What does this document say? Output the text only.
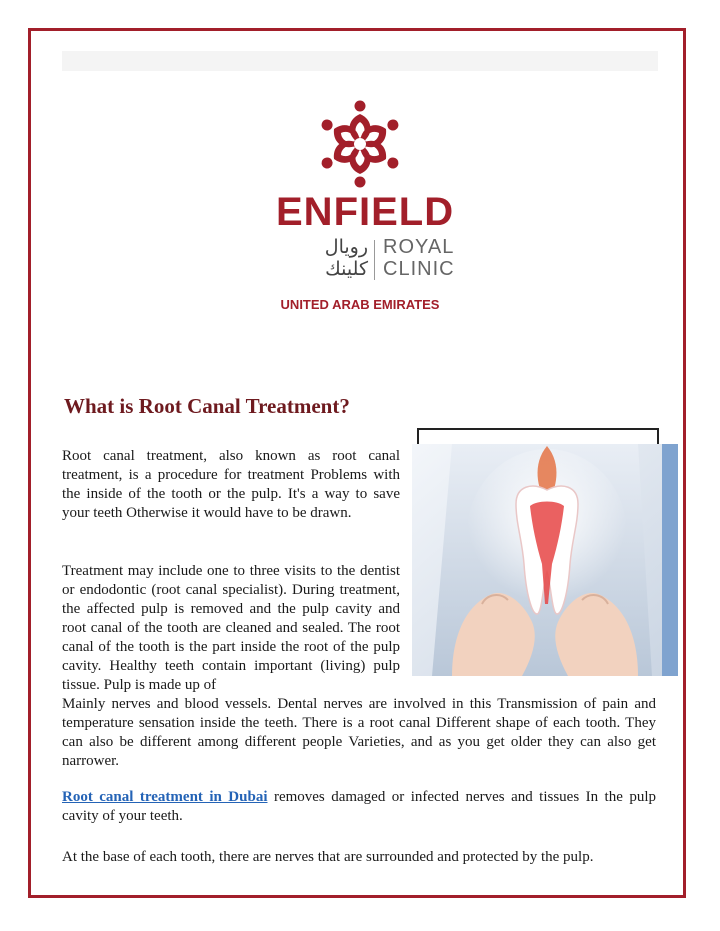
ENFIELD
رويال
كلينك
ROYAL
CLINIC
UNITED ARAB EMIRATES
What is Root Canal Treatment?
Root canal treatment, also known as root canal treatment, is a procedure for treatment Problems with the inside of the tooth or the pulp. It's a way to save your teeth Otherwise it would have to be drawn.
Treatment may include one to three visits to the dentist or endodontic (root canal specialist). During treatment, the affected pulp is removed and the pulp cavity and root canal of the tooth are cleaned and sealed. The root canal of the tooth is the part inside the root of the pulp cavity. Healthy teeth contain important (living) pulp tissue. Pulp is made up of
Mainly nerves and blood vessels. Dental nerves are involved in this Transmission of pain and temperature sensation inside the teeth. There is a root canal Different shape of each tooth. They can also be different among different people Varieties, and as you get older they can also get narrower.
Root canal treatment in Dubai removes damaged or infected nerves and tissues In the pulp cavity of your teeth.
At the base of each tooth, there are nerves that are surrounded and protected by the pulp.
